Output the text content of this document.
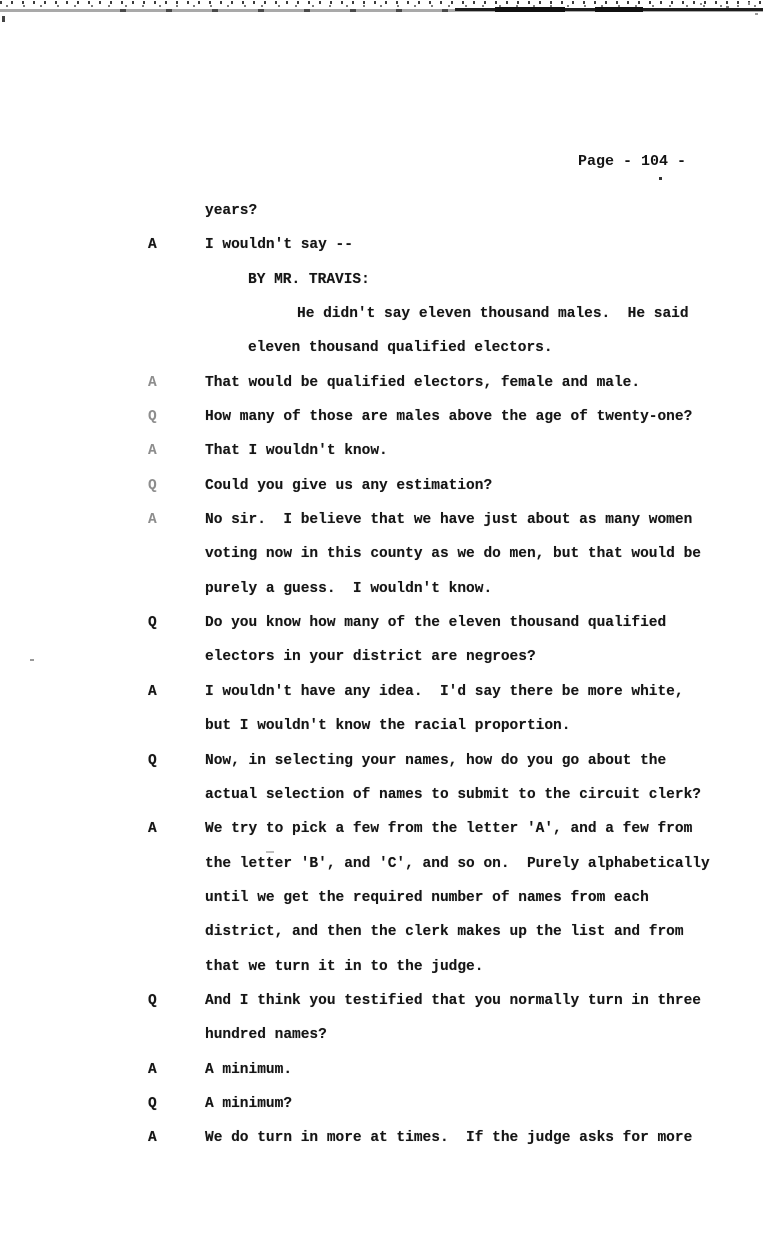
Page - 104 -
years?
A	I wouldn't say --
BY MR. TRAVIS:
He didn't say eleven thousand males.  He said
eleven thousand qualified electors.
A	That would be qualified electors, female and male.
Q	How many of those are males above the age of twenty-one?
A	That I wouldn't know.
Q	Could you give us any estimation?
A	No sir.  I believe that we have just about as many women
voting now in this county as we do men, but that would be
purely a guess.  I wouldn't know.
Q	Do you know how many of the eleven thousand qualified
electors in your district are negroes?
A	I wouldn't have any idea.  I'd say there be more white,
but I wouldn't know the racial proportion.
Q	Now, in selecting your names, how do you go about the
actual selection of names to submit to the circuit clerk?
A	We try to pick a few from the letter 'A', and a few from
the letter 'B', and 'C', and so on.  Purely alphabetically
until we get the required number of names from each
district, and then the clerk makes up the list and from
that we turn it in to the judge.
Q	And I think you testified that you normally turn in three
hundred names?
A	A minimum.
Q	A minimum?
A	We do turn in more at times.  If the judge asks for more
